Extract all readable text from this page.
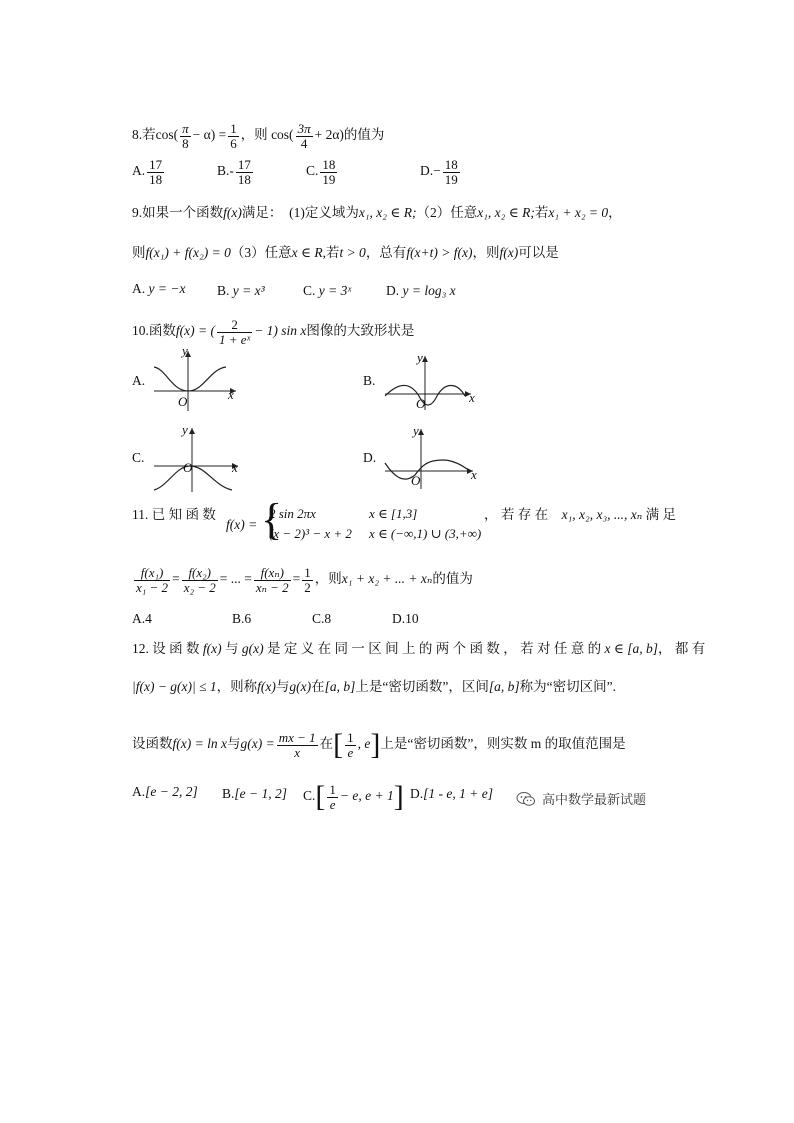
8.若$\cos( \frac{\pi}{8} - \alpha) = \frac{1}{6}$ ，则 $\cos( \frac{3\pi}{4} + 2\alpha)$的值为
A. $\frac{17}{18}$	$B.- \frac{17}{18}$	C. $\frac{18}{19}$	$D.- \frac{18}{19}$
9.如果一个函数f(x)满足：　(1)定义域为x₁, x₂ ∈ R;（2）任意x₁, x₂ ∈ R;若x₁ + x₂ = 0，
则f(x₁) + f(x₂) = 0（3）任意x ∈ R,若t > 0，总有f(x+t) > f(x)，则f(x)可以是
A. y = −x B. y = x³	C. y = 3ˣ	D. y = log₃ x
10.函数f(x) = ( $\frac{2}{\text{1 + eˣ}} - 1$) sin x图像的大致形状是
A.
y
x
O
B.
y
x
O
C.
y
x
O
D.
y
x
O
11. 已 知 函 数
f(x) = {
2 sin 2πx	x ∈ [1,3]
(x − 2)³ − x + 2 x ∈ (−∞,1) ∪ (3,+∞)
， 若 存 在　 x₁, x₂, x₃, ..., xₙ 满 足
$\frac{\text{f(x₁)}}{\text{x₁ − 2}} = \frac{\text{f(x₂)}}{\text{x₂ − 2}}$ = ... = $\frac{\text{f(xₙ)}}{\text{xₙ − 2}} = \frac{1}{2}$ ，则x₁ + x₂ + ... + xₙ的值为
A.4	B.6	C.8	D.10
12. 设 函 数 f(x) 与 g(x) 是 定 义 在 同 一 区 间 上 的 两 个 函 数 ， 若 对 任 意 的 x ∈ [a, b]， 都 有
|f(x) − g(x)| ≤ 1，则称f(x)与g(x)在[a, b]上是“密切函数”，区间[a, b]称为“密切区间”.
设函数f(x) = ln x与$g(x) = \frac{mx - 1}{x}$ 在[ $\frac{1}{e}$ , e]上是“密切函数”，则实数 m 的取值范围是
A.[e − 2, 2] B.[e − 1, 2] $C.[ \frac{1}{e} - e$, e + 1] D.[1 - e, 1 + e]	高中数学最新试题
